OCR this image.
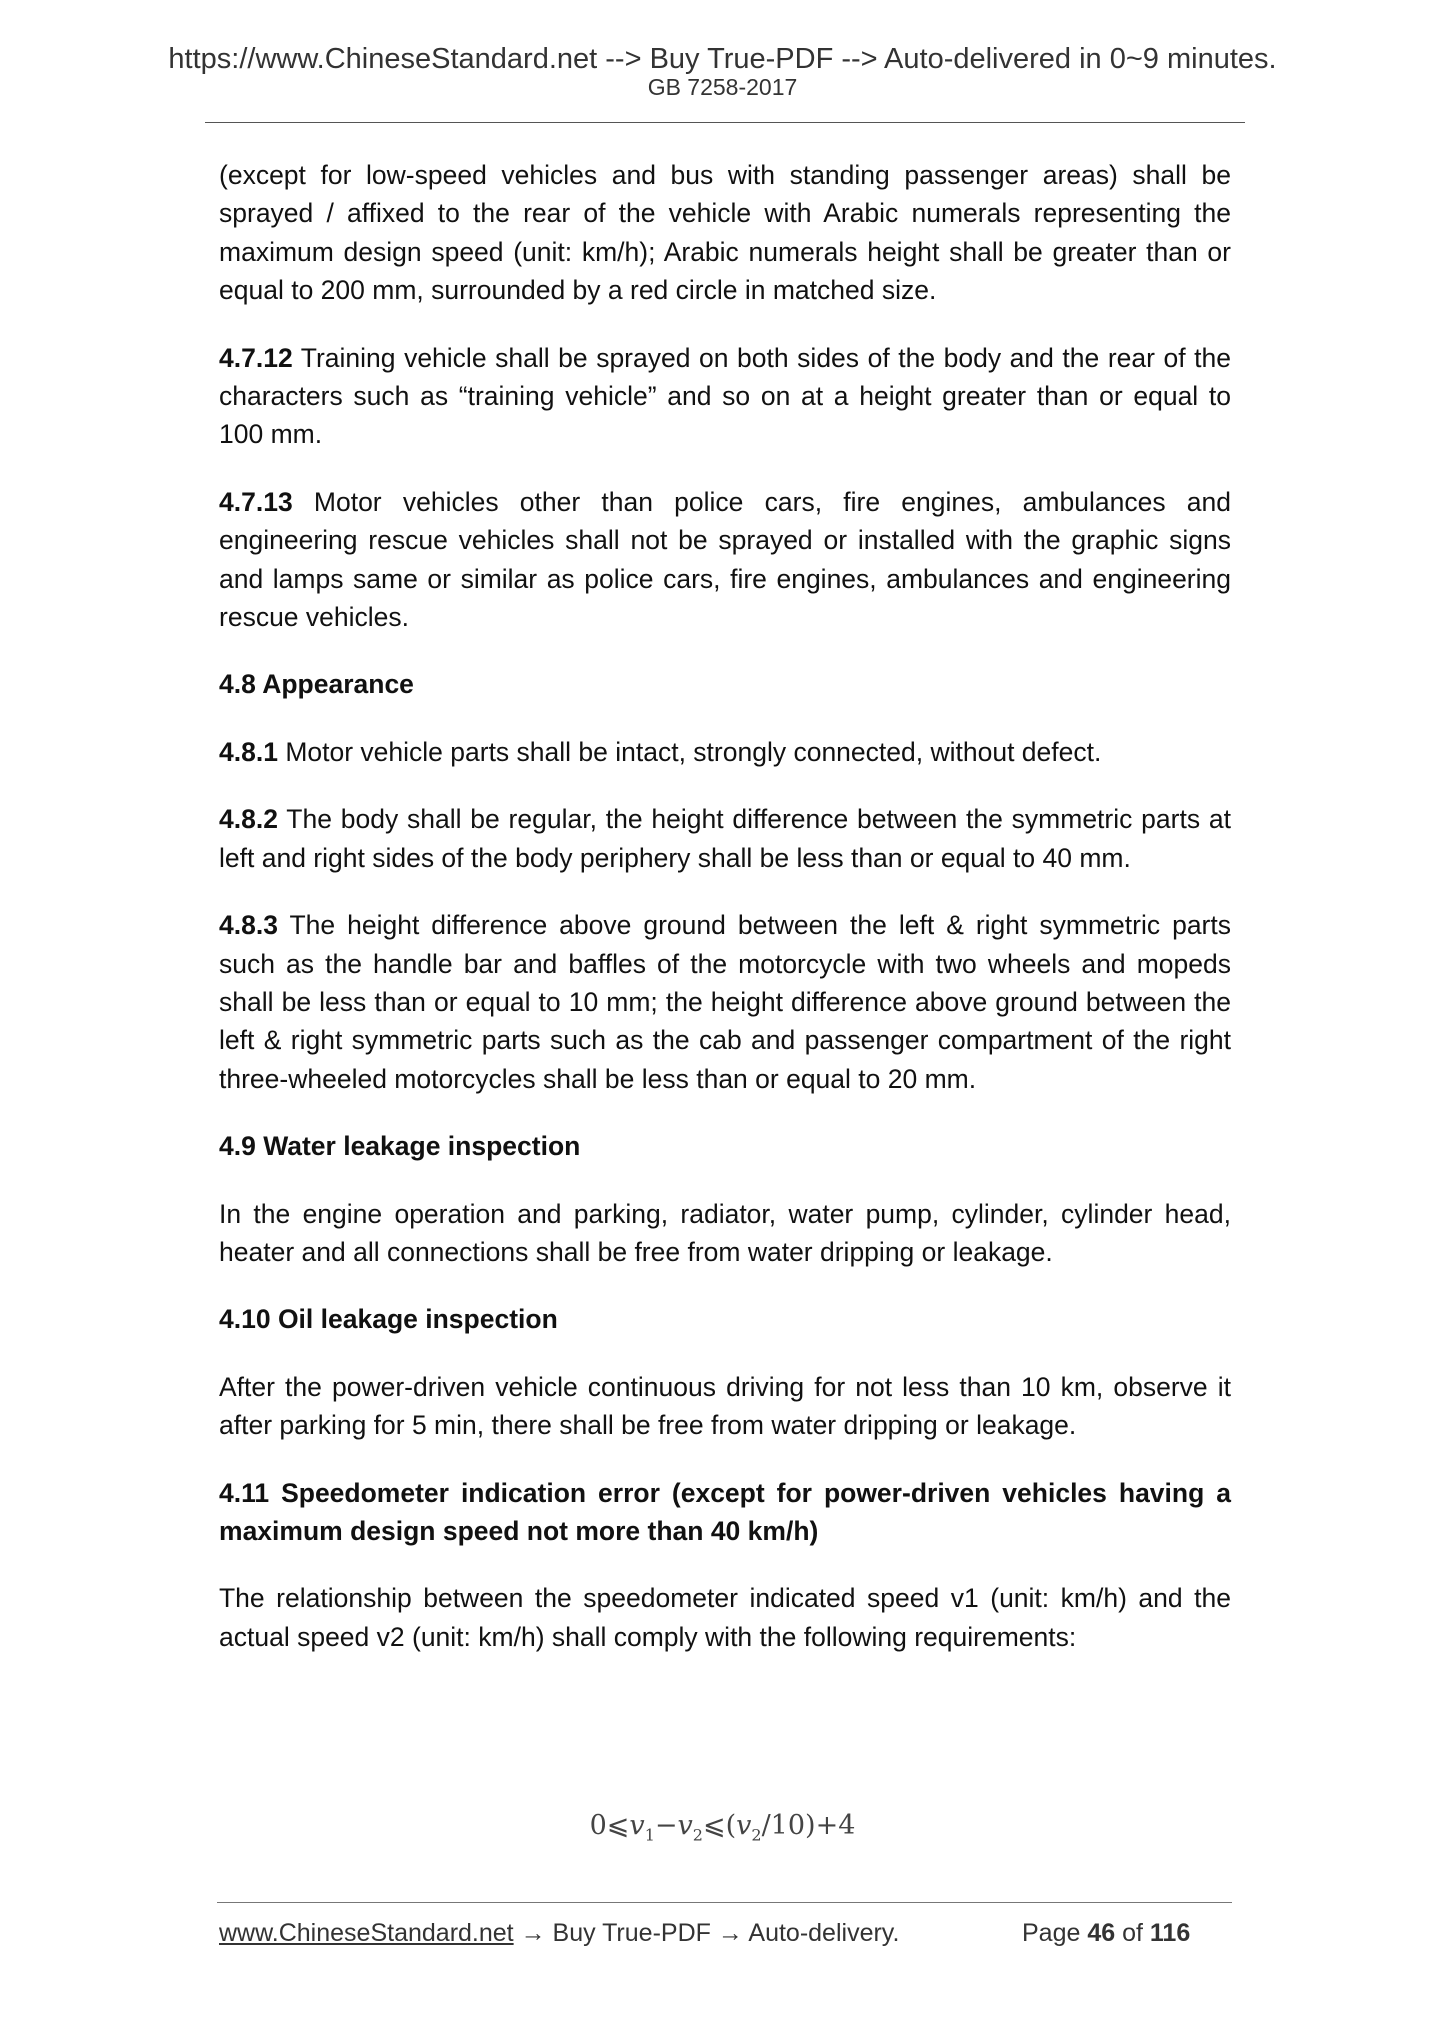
https://www.ChineseStandard.net --> Buy True-PDF --> Auto-delivered in 0~9 minutes.
GB 7258-2017

(except for low-speed vehicles and bus with standing passenger areas) shall be sprayed / affixed to the rear of the vehicle with Arabic numerals representing the maximum design speed (unit: km/h); Arabic numerals height shall be greater than or equal to 200 mm, surrounded by a red circle in matched size.

4.7.12 Training vehicle shall be sprayed on both sides of the body and the rear of the characters such as “training vehicle” and so on at a height greater than or equal to 100 mm.

4.7.13 Motor vehicles other than police cars, fire engines, ambulances and engineering rescue vehicles shall not be sprayed or installed with the graphic signs and lamps same or similar as police cars, fire engines, ambulances and engineering rescue vehicles.

4.8 Appearance

4.8.1 Motor vehicle parts shall be intact, strongly connected, without defect.

4.8.2 The body shall be regular, the height difference between the symmetric parts at left and right sides of the body periphery shall be less than or equal to 40 mm.

4.8.3 The height difference above ground between the left & right symmetric parts such as the handle bar and baffles of the motorcycle with two wheels and mopeds shall be less than or equal to 10 mm; the height difference above ground between the left & right symmetric parts such as the cab and passenger compartment of the right three-wheeled motorcycles shall be less than or equal to 20 mm.

4.9 Water leakage inspection

In the engine operation and parking, radiator, water pump, cylinder, cylinder head, heater and all connections shall be free from water dripping or leakage.

4.10 Oil leakage inspection

After the power-driven vehicle continuous driving for not less than 10 km, observe it after parking for 5 min, there shall be free from water dripping or leakage.

4.11 Speedometer indication error (except for power-driven vehicles having a maximum design speed not more than 40 km/h)

The relationship between the speedometer indicated speed v1 (unit: km/h) and the actual speed v2 (unit: km/h) shall comply with the following requirements:

$0⩽v_1-v_2⩽(v_2/10)+4$
www.ChineseStandard.net → Buy True-PDF → Auto-delivery.	Page 46 of 116
